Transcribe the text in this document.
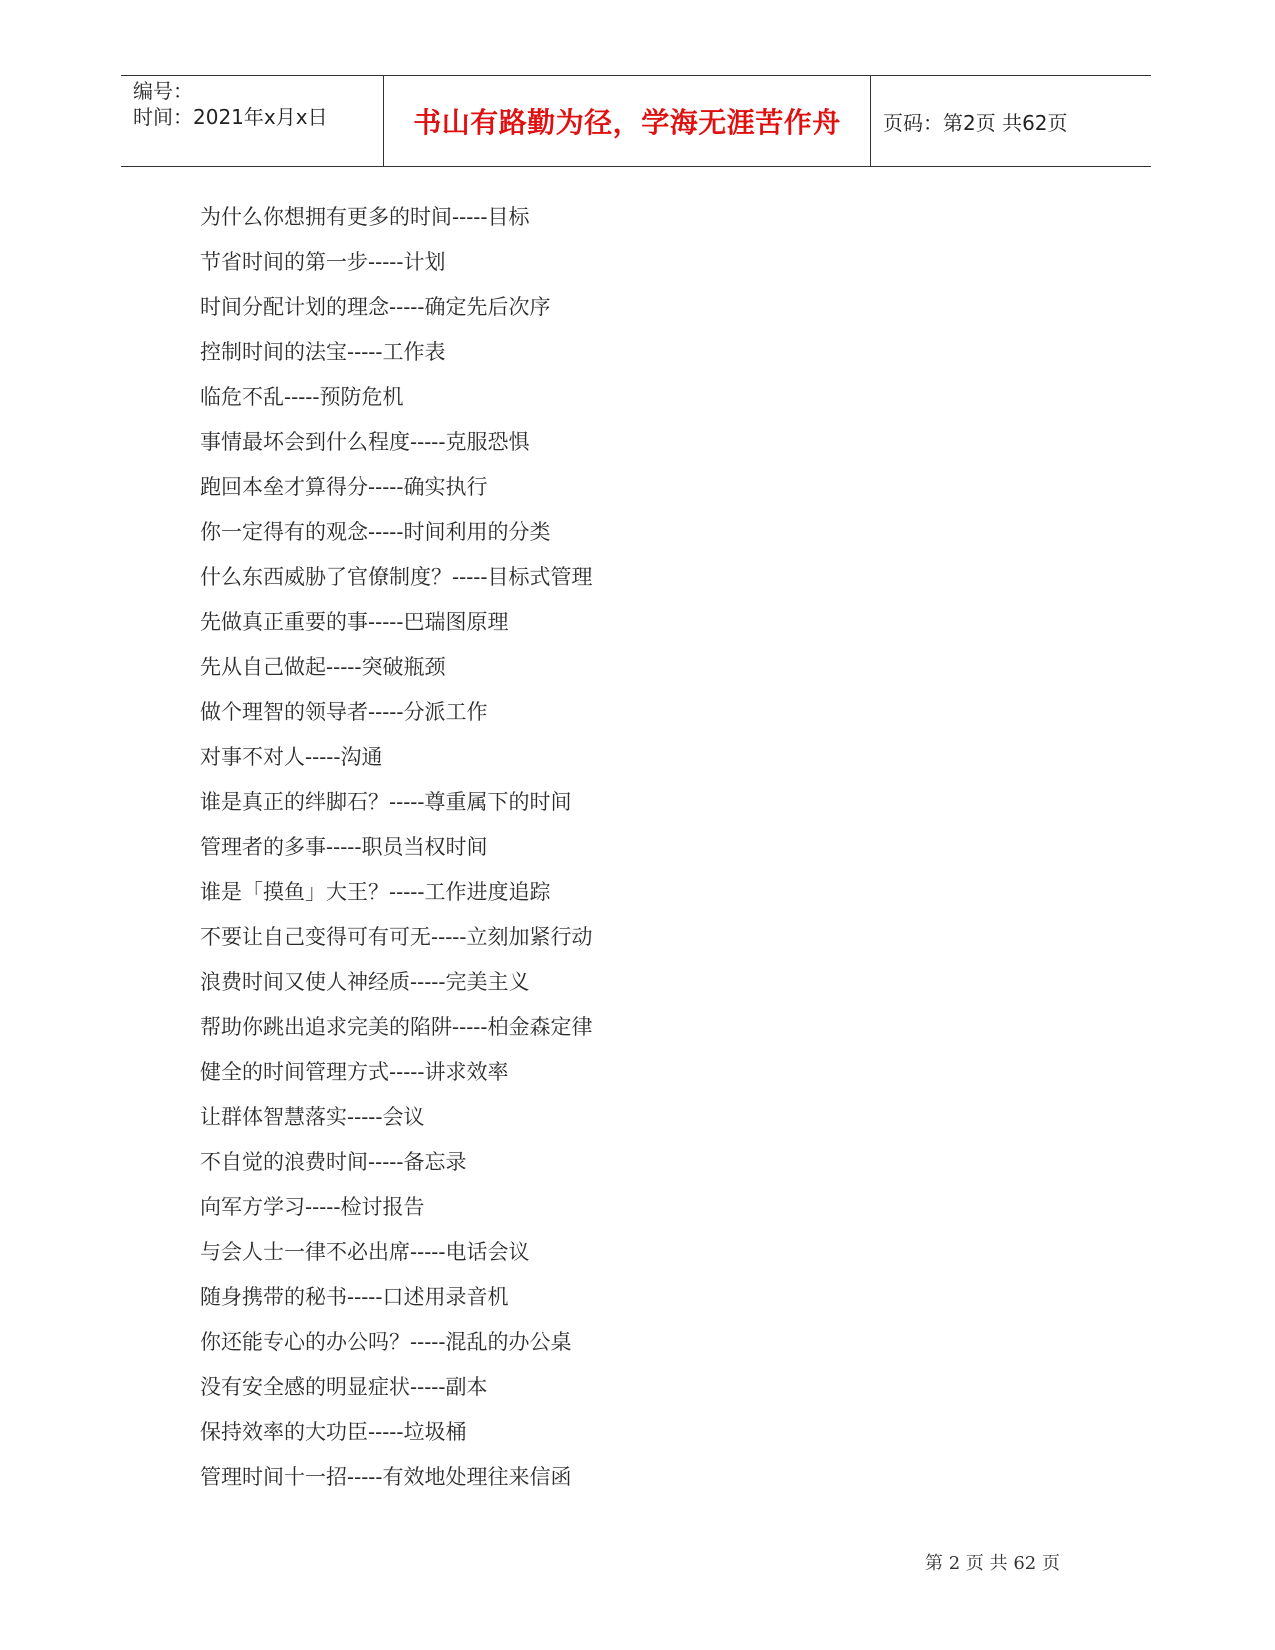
编号：
时间：2021年x月x日	书山有路勤为径，学海无涯苦作舟 页码：第2页 共62页
为什么你想拥有更多的时间-----目标
节省时间的第一步-----计划
时间分配计划的理念-----确定先后次序
控制时间的法宝-----工作表
临危不乱-----预防危机
事情最坏会到什么程度-----克服恐惧
跑回本垒才算得分-----确实执行
你一定得有的观念-----时间利用的分类
什么东西威胁了官僚制度？-----目标式管理
先做真正重要的事-----巴瑞图原理
先从自己做起-----突破瓶颈
做个理智的领导者-----分派工作
对事不对人-----沟通
谁是真正的绊脚石？-----尊重属下的时间
管理者的多事-----职员当权时间
谁是「摸鱼」大王？-----工作进度追踪
不要让自己变得可有可无-----立刻加紧行动
浪费时间又使人神经质-----完美主义
帮助你跳出追求完美的陷阱-----柏金森定律
健全的时间管理方式-----讲求效率
让群体智慧落实-----会议
不自觉的浪费时间-----备忘录
向军方学习-----检讨报告
与会人士一律不必出席-----电话会议
随身携带的秘书-----口述用录音机
你还能专心的办公吗？-----混乱的办公桌
没有安全感的明显症状-----副本
保持效率的大功臣-----垃圾桶
管理时间十一招-----有效地处理往来信函
第 2 页 共 62 页
